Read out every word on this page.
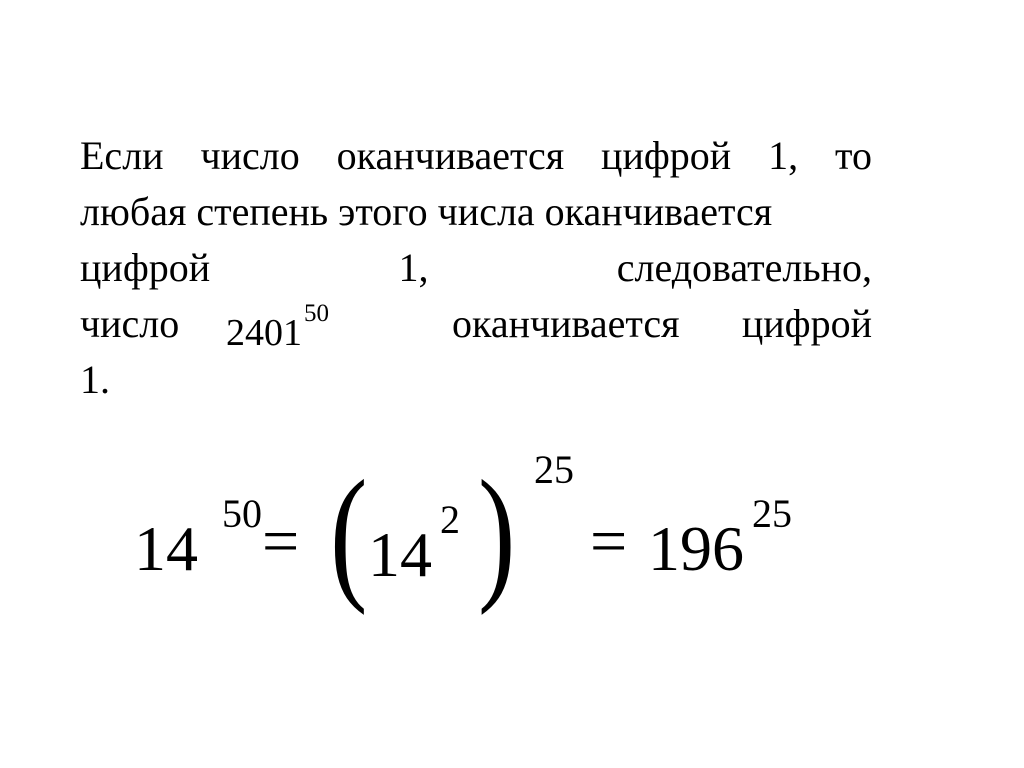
Если число оканчивается цифрой 1, то
любая степень этого числа оканчивается
цифрой	1,	следовательно,
число	2401$^{50}$	оканчивается цифрой
1.
14 50 = ( 14 2 ) 25
= 196 25
